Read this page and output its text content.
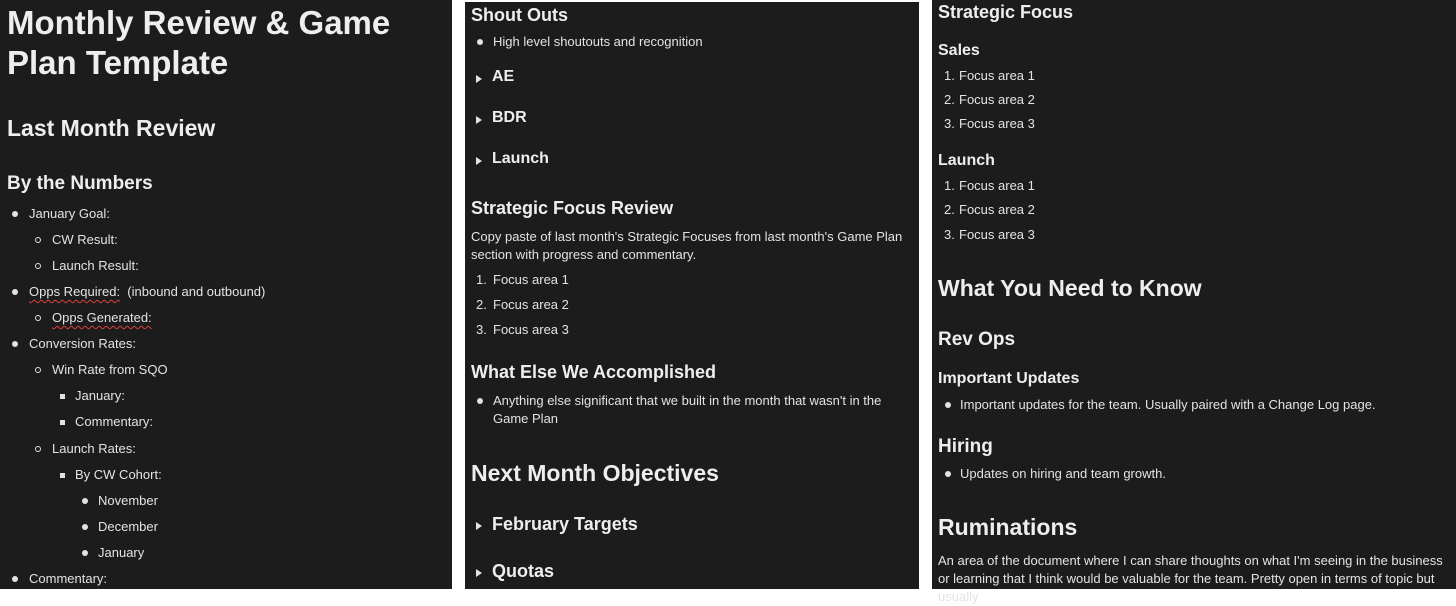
Monthly Review & Game Plan Template
Last Month Review
By the Numbers
January Goal:
CW Result:
Launch Result:
Opps Required: (inbound and outbound)
Opps Generated:
Conversion Rates:
Win Rate from SQO
January:
Commentary:
Launch Rates:
By CW Cohort:
November
December
January
Commentary:
Shout Outs
High level shoutouts and recognition
AE
BDR
Launch
Strategic Focus Review
Copy paste of last month's Strategic Focuses from last month's Game Plan section with progress and commentary.
1. Focus area 1
2. Focus area 2
3. Focus area 3
What Else We Accomplished
Anything else significant that we built in the month that wasn't in the Game Plan
Next Month Objectives
February Targets
Quotas
Strategic Focus
Sales
1. Focus area 1
2. Focus area 2
3. Focus area 3
Launch
1. Focus area 1
2. Focus area 2
3. Focus area 3
What You Need to Know
Rev Ops
Important Updates
Important updates for the team. Usually paired with a Change Log page.
Hiring
Updates on hiring and team growth.
Ruminations
An area of the document where I can share thoughts on what I'm seeing in the business or learning that I think would be valuable for the team. Pretty open in terms of topic but usually
